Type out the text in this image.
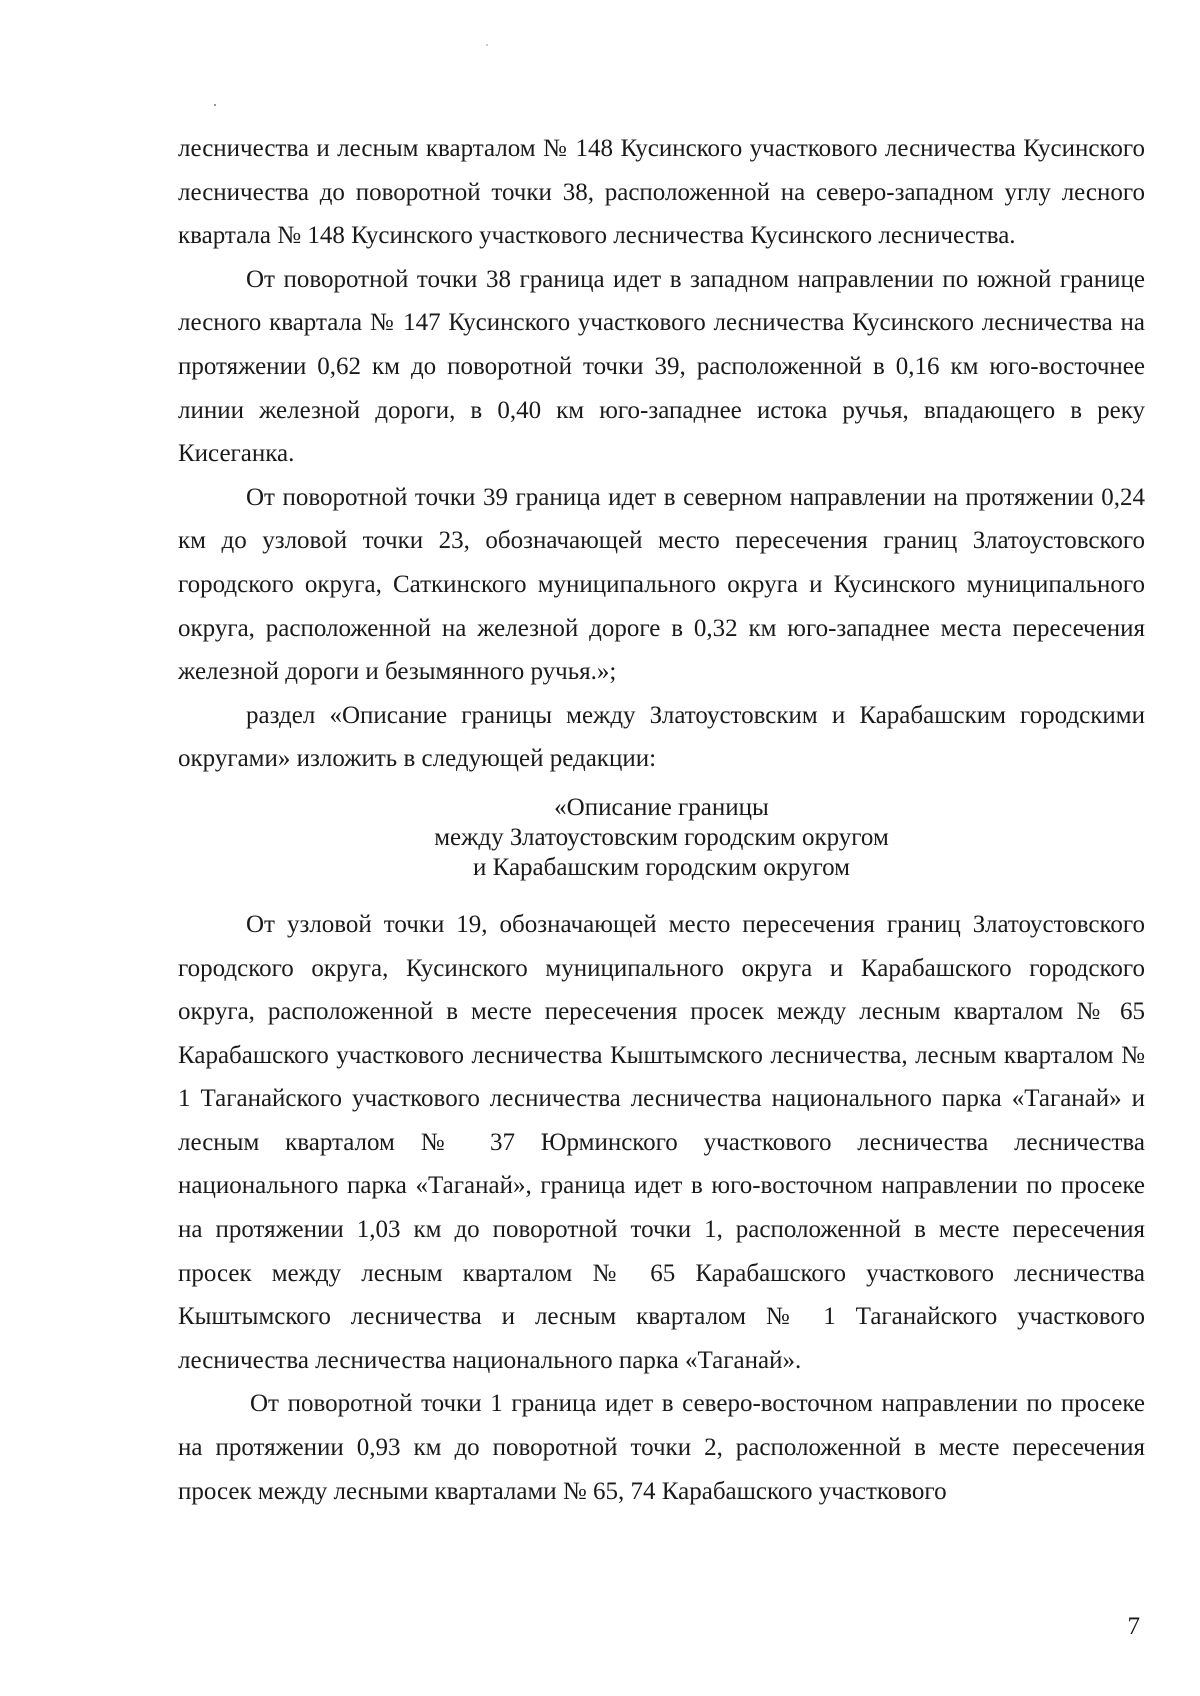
лесничества и лесным кварталом № 148 Кусинского участкового лесничества Кусинского лесничества до поворотной точки 38, расположенной на северо-западном углу лесного квартала № 148 Кусинского участкового лесничества Кусинского лесничества.

От поворотной точки 38 граница идет в западном направлении по южной границе лесного квартала № 147 Кусинского участкового лесничества Кусинского лесничества на протяжении 0,62 км до поворотной точки 39, расположенной в 0,16 км юго-восточнее линии железной дороги, в 0,40 км юго-западнее истока ручья, впадающего в реку Кисеганка.

От поворотной точки 39 граница идет в северном направлении на протяжении 0,24 км до узловой точки 23, обозначающей место пересечения границ Златоустовского городского округа, Саткинского муниципального округа и Кусинского муниципального округа, расположенной на железной дороге в 0,32 км юго-западнее места пересечения железной дороги и безымянного ручья.»;

раздел «Описание границы между Златоустовским и Карабашским городскими округами» изложить в следующей редакции:

«Описание границы
между Златоустовским городским округом
и Карабашским городским округом

От узловой точки 19, обозначающей место пересечения границ Златоустовского городского округа, Кусинского муниципального округа и Карабашского городского округа, расположенной в месте пересечения просек между лесным кварталом № 65 Карабашского участкового лесничества Кыштымского лесничества, лесным кварталом № 1 Таганайского участкового лесничества лесничества национального парка «Таганай» и лесным кварталом № 37 Юрминского участкового лесничества лесничества национального парка «Таганай», граница идет в юго-восточном направлении по просеке на протяжении 1,03 км до поворотной точки 1, расположенной в месте пересечения просек между лесным кварталом № 65 Карабашского участкового лесничества Кыштымского лесничества и лесным кварталом № 1 Таганайского участкового лесничества лесничества национального парка «Таганай».

От поворотной точки 1 граница идет в северо-восточном направлении по просеке на протяжении 0,93 км до поворотной точки 2, расположенной в месте пересечения просек между лесными кварталами № 65, 74 Карабашского участкового

7
